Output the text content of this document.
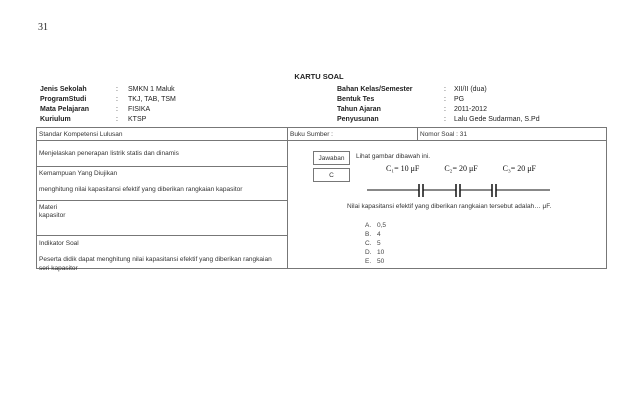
31
KARTU SOAL
Jenis Sekolah	:	SMKN 1 Maluk
ProgramStudi	:	TKJ, TAB, TSM
Mata Pelajaran	:	FISIKA
Kuriulum	:	KTSP
Bahan Kelas/Semester	:	XII/II (dua)
Bentuk Tes	:	PG
Tahun Ajaran	:	2011-2012
Penyusunan	:	Lalu Gede Sudarman, S.Pd
Standar Kompetensi Lulusan
Menjelaskan penerapan listrik statis dan dinamis
Kemampuan Yang Diujikan
menghitung nilai kapasitansi efektif yang diberikan rangkaian kapasitor
Materi
kapasitor
Indikator Soal
Peserta didik dapat menghitung nilai kapasitansi efektif yang diberikan rangkaian seri kapasitor
Buku Sumber :	Nomor Soal : 31
Jawaban
C
Lihat gambar dibawah ini.
C₁= 10 μF	C₂= 20 μF	C₃= 20 μF
Nilai kapasitansi efektif yang diberikan rangkaian tersebut adalah… μF.
A. 0,5
B. 4
C. 5
D. 10
E. 50
